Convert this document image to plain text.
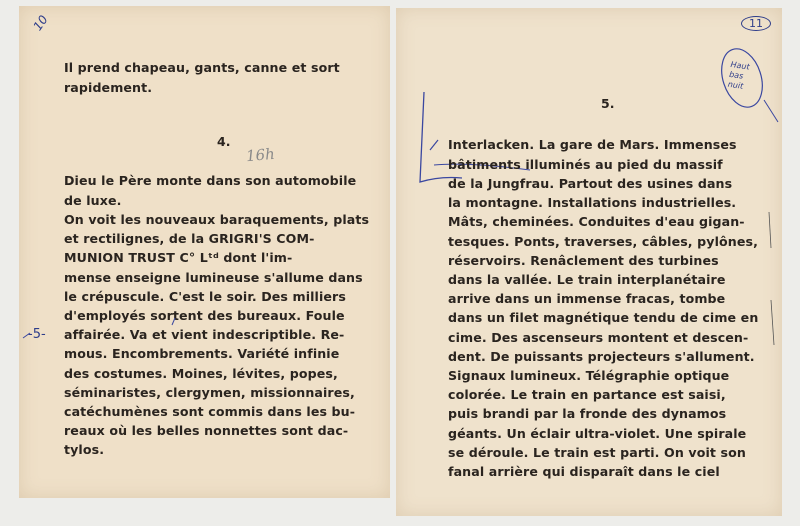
10
Il prend chapeau, gants, canne et sort
rapidement.
4.
16h
-5-
Dieu le Père monte dans son automobile
de luxe.
On voit les nouveaux baraquements, plats
et rectilignes, de la GRIGRI'S COM-
MUNION TRUST C° Lᵗᵈ dont l'im-
mense enseigne lumineuse s'allume dans
le crépuscule. C'est le soir. Des milliers
d'employés sortent des bureaux. Foule
affairée. Va et vient indescriptible. Re-
mous. Encombrements. Variété infinie
des costumes. Moines, lévites, popes,
séminaristes, clergymen, missionnaires,
catéchumènes sont commis dans les bu-
reaux où les belles nonnettes sont dac-
tylos.
5.
11
Haut bas nuit
Interlacken. La gare de Mars. Immenses
bâtiments illuminés au pied du massif
de la Jungfrau. Partout des usines dans
la montagne. Installations industrielles.
Mâts, cheminées. Conduites d'eau gigan-
tesques. Ponts, traverses, câbles, pylônes,
réservoirs. Renâclement des turbines
dans la vallée. Le train interplanétaire
arrive dans un immense fracas, tombe
dans un filet magnétique tendu de cime en
cime. Des ascenseurs montent et descen-
dent. De puissants projecteurs s'allument.
Signaux lumineux. Télégraphie optique
colorée. Le train en partance est saisi,
puis brandi par la fronde des dynamos
géants. Un éclair ultra-violet. Une spirale
se déroule. Le train est parti. On voit son
fanal arrière qui disparaît dans le ciel
